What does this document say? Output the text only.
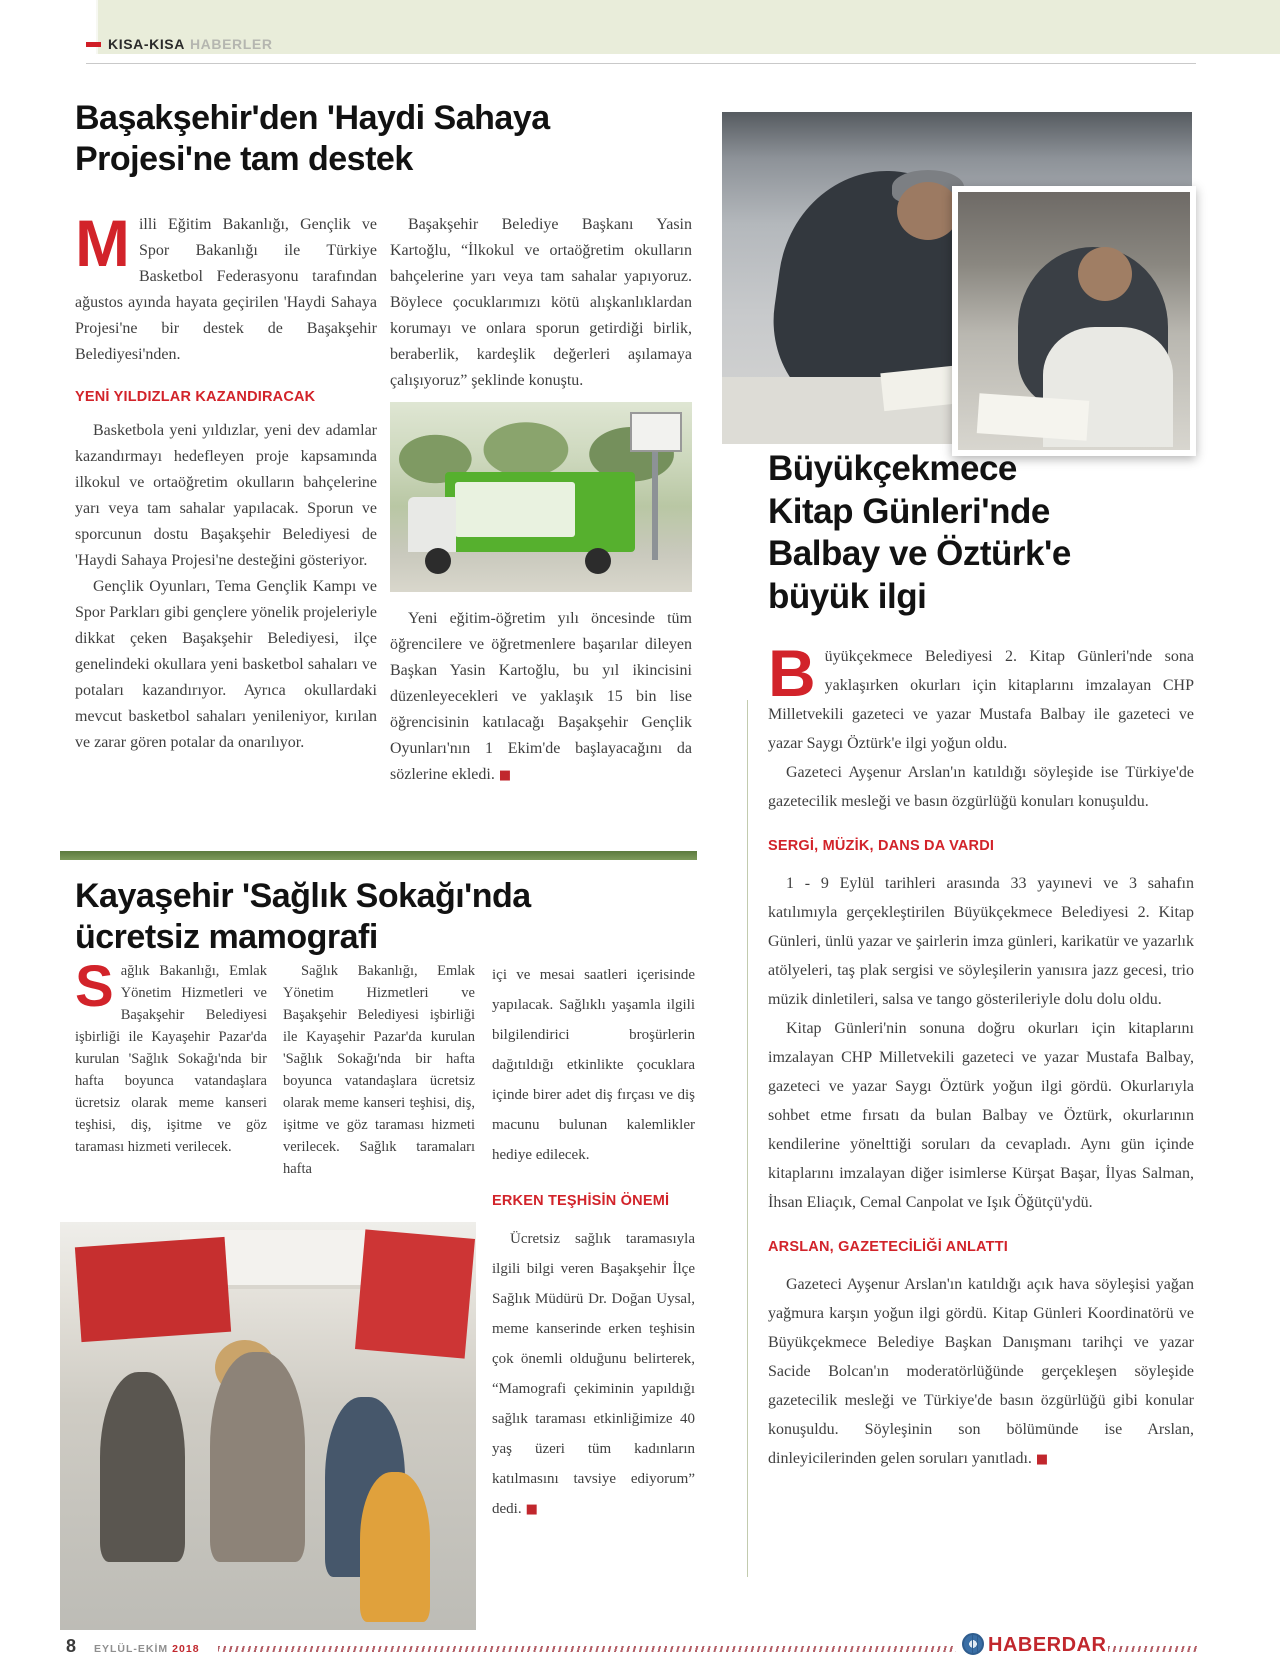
KISA-KISA HABERLER
Başakşehir'den 'Haydi Sahaya
Projesi'ne tam destek

Milli Eğitim Bakanlığı, Gençlik ve Spor Bakanlığı ile Türkiye Basketbol Federasyonu tarafından ağustos ayında hayata geçirilen 'Haydi Sahaya Projesi'ne bir destek de Başakşehir Belediyesi'nden.

YENİ YILDIZLAR KAZANDIRACAK

Basketbola yeni yıldızlar, yeni dev adamlar kazandırmayı hedefleyen proje kapsamında ilkokul ve ortaöğretim okulların bahçelerine yarı veya tam sahalar yapılacak. Sporun ve sporcunun dostu Başakşehir Belediyesi de 'Haydi Sahaya Projesi'ne desteğini gösteriyor.

Gençlik Oyunları, Tema Gençlik Kampı ve Spor Parkları gibi gençlere yönelik projeleriyle dikkat çeken Başakşehir Belediyesi, ilçe genelindeki okullara yeni basketbol sahaları ve potaları kazandırıyor. Ayrıca okullardaki mevcut basketbol sahaları yenileniyor, kırılan ve zarar gören potalar da onarılıyor.

Başakşehir Belediye Başkanı Yasin Kartoğlu, “İlkokul ve ortaöğretim okulların bahçelerine yarı veya tam sahalar yapıyoruz. Böylece çocuklarımızı kötü alışkanlıklardan korumayı ve onlara sporun getirdiği birlik, beraberlik, kardeşlik değerleri aşılamaya çalışıyoruz” şeklinde konuştu.

Yeni eğitim-öğretim yılı öncesinde tüm öğrencilere ve öğretmenlere başarılar dileyen Başkan Yasin Kartoğlu, bu yıl ikincisini düzenleyecekleri ve yaklaşık 15 bin lise öğrencisinin katılacağı Başakşehir Gençlik Oyunları'nın 1 Ekim'de başlayacağını da sözlerine ekledi. ■

Büyükçekmece
Kitap Günleri'nde
Balbay ve Öztürk'e
büyük ilgi

Büyükçekmece Belediyesi 2. Kitap Günleri'nde sona yaklaşırken okurları için kitaplarını imzalayan CHP Milletvekili gazeteci ve yazar Mustafa Balbay ile gazeteci ve yazar Saygı Öztürk'e ilgi yoğun oldu.

Gazeteci Ayşenur Arslan'ın katıldığı söyleşide ise Türkiye'de gazetecilik mesleği ve basın özgürlüğü konuları konuşuldu.

SERGİ, MÜZİK, DANS DA VARDI

1 - 9 Eylül tarihleri arasında 33 yayınevi ve 3 sahafın katılımıyla gerçekleştirilen Büyükçekmece Belediyesi 2. Kitap Günleri, ünlü yazar ve şairlerin imza günleri, karikatür ve yazarlık atölyeleri, taş plak sergisi ve söyleşilerin yanısıra jazz gecesi, trio müzik dinletileri, salsa ve tango gösterileriyle dolu dolu oldu.

Kitap Günleri'nin sonuna doğru okurları için kitaplarını imzalayan CHP Milletvekili gazeteci ve yazar Mustafa Balbay, gazeteci ve yazar Saygı Öztürk yoğun ilgi gördü. Okurlarıyla sohbet etme fırsatı da bulan Balbay ve Öztürk, okurlarının kendilerine yönelttiği soruları da cevapladı. Aynı gün içinde kitaplarını imzalayan diğer isimlerse Kürşat Başar, İlyas Salman, İhsan Eliaçık, Cemal Canpolat ve Işık Öğütçü'ydü.

ARSLAN, GAZETECİLİĞİ ANLATTI

Gazeteci Ayşenur Arslan'ın katıldığı açık hava söyleşisi yağan yağmura karşın yoğun ilgi gördü. Kitap Günleri Koordinatörü ve Büyükçekmece Belediye Başkan Danışmanı tarihçi ve yazar Sacide Bolcan'ın moderatörlüğünde gerçekleşen söyleşide gazetecilik mesleği ve Türkiye'de basın özgürlüğü gibi konular konuşuldu. Söyleşinin son bölümünde ise Arslan, dinleyicilerinden gelen soruları yanıtladı. ■

Kayaşehir 'Sağlık Sokağı'nda
ücretsiz mamografi

Sağlık Bakanlığı, Emlak Yönetim Hizmetleri ve Başakşehir Belediyesi işbirliği ile Kayaşehir Pazar'da kurulan 'Sağlık Sokağı'nda bir hafta boyunca vatandaşlara ücretsiz olarak meme kanseri teşhisi, diş, işitme ve göz taraması hizmeti verilecek.

Sağlık Bakanlığı, Emlak Yönetim Hizmetleri ve Başakşehir Belediyesi işbirliği ile Kayaşehir Pazar'da kurulan 'Sağlık Sokağı'nda bir hafta boyunca vatandaşlara ücretsiz olarak meme kanseri teşhisi, diş, işitme ve göz taraması hizmeti verilecek. Sağlık taramaları hafta

içi ve mesai saatleri içerisinde yapılacak. Sağlıklı yaşamla ilgili bilgilendirici broşürlerin dağıtıldığı etkinlikte çocuklara içinde birer adet diş fırçası ve diş macunu bulunan kalemlikler hediye edilecek.

ERKEN TEŞHİSİN ÖNEMİ

Ücretsiz sağlık taramasıyla ilgili bilgi veren Başakşehir İlçe Sağlık Müdürü Dr. Doğan Uysal, meme kanserinde erken teşhisin çok önemli olduğunu belirterek, “Mamografi çekiminin yapıldığı sağlık taraması etkinliğimize 40 yaş üzeri tüm kadınların katılmasını tavsiye ediyorum” dedi. ■

8 EYLÜL-EKİM 2018	HABERDAR
